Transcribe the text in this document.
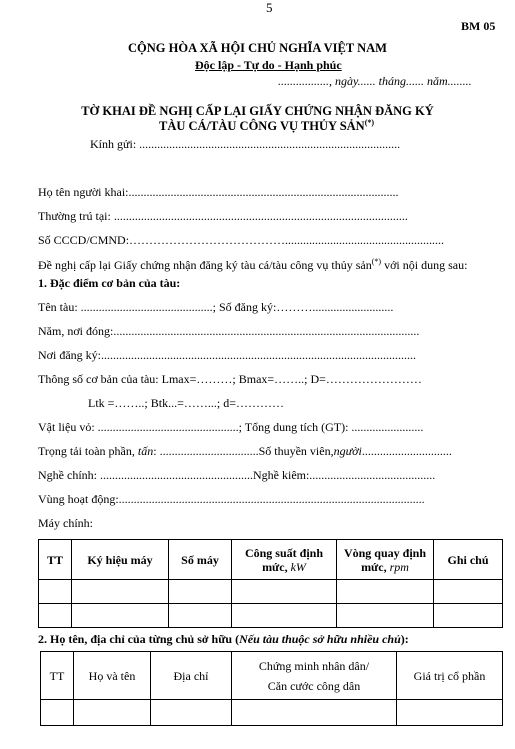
5
BM 05
CỘNG HÒA XÃ HỘI CHỦ NGHĨA VIỆT NAM
Độc lập - Tự do - Hạnh phúc
................., ngày...... tháng...... năm........
TỜ KHAI ĐỀ NGHỊ CẤP LẠI GIẤY CHỨNG NHẬN ĐĂNG KÝ
TÀU CÁ/TÀU CÔNG VỤ THỦY SẢN(*)
Kính gửi: .......................................................................................
Họ tên người khai:..........................................................................................
Thường trú tại: ..................................................................................................
Số CCCD/CMND:………………………………….....................................................
Đề nghị cấp lại Giấy chứng nhận đăng ký tàu cá/tàu công vụ thủy sản(*) với nội dung sau:
1. Đặc điểm cơ bản của tàu:
Tên tàu: ............................................; Số đăng ký:………...........................
Năm, nơi đóng:......................................................................................................
Nơi đăng ký:.........................................................................................................
Thông số cơ bản của tàu: Lmax=………; Bmax=……..; D=……………………
Ltk =……..; Btk...=……...; d=…………
Vật liệu vỏ: ...............................................; Tổng dung tích (GT): ........................
Trọng tải toàn phần, tấn: .................................Số thuyền viên,người..............................
Nghề chính: ...................................................Nghề kiêm:..........................................
Vùng hoạt động:......................................................................................................
Máy chính:
TT	Ký hiệu máy	Số máy	Công suất định mức, kW	Vòng quay định mức, rpm	Ghi chú

2. Họ tên, địa chỉ của từng chủ sở hữu (Nếu tàu thuộc sở hữu nhiều chủ):
TT	Họ và tên	Địa chỉ	Chứng minh nhân dân/
Căn cước công dân	Giá trị cổ phần
